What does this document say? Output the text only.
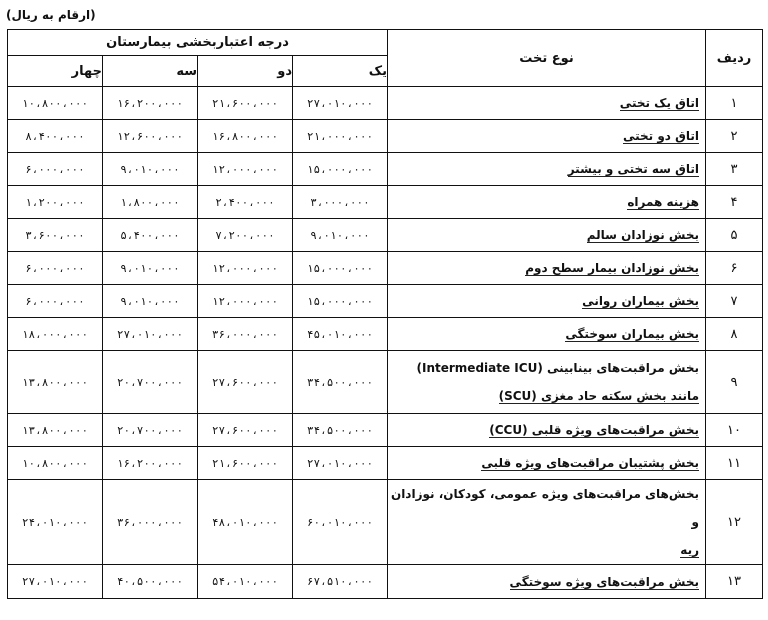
(ارقام به ریال)
ردیف	نوع تخت	درجه اعتباربخشی بیمارستان			
		یک	دو	سه	چهار
۱	اتاق یک تختی	۲۷،۰۱۰،۰۰۰	۲۱،۶۰۰،۰۰۰	۱۶،۲۰۰،۰۰۰	۱۰،۸۰۰،۰۰۰
۲	اتاق دو تختی	۲۱،۰۰۰،۰۰۰	۱۶،۸۰۰،۰۰۰	۱۲،۶۰۰،۰۰۰	۸،۴۰۰،۰۰۰
۳	اتاق سه تختی و بیشتر	۱۵،۰۰۰،۰۰۰	۱۲،۰۰۰،۰۰۰	۹،۰۱۰،۰۰۰	۶،۰۰۰،۰۰۰
۴	هزینه همراه	۳،۰۰۰،۰۰۰	۲،۴۰۰،۰۰۰	۱،۸۰۰،۰۰۰	۱،۲۰۰،۰۰۰
۵	بخش نوزادان سالم	۹،۰۱۰،۰۰۰	۷،۲۰۰،۰۰۰	۵،۴۰۰،۰۰۰	۳،۶۰۰،۰۰۰
۶	بخش نوزادان بیمار سطح دوم	۱۵،۰۰۰،۰۰۰	۱۲،۰۰۰،۰۰۰	۹،۰۱۰،۰۰۰	۶،۰۰۰،۰۰۰
۷	بخش بیماران روانی	۱۵،۰۰۰،۰۰۰	۱۲،۰۰۰،۰۰۰	۹،۰۱۰،۰۰۰	۶،۰۰۰،۰۰۰
۸	بخش بیماران سوختگی	۴۵،۰۱۰،۰۰۰	۳۶،۰۰۰،۰۰۰	۲۷،۰۱۰،۰۰۰	۱۸،۰۰۰،۰۰۰
۹	بخش مراقبت‌های بینابینی (Intermediate ICU)
مانند بخش سکته حاد مغزی (SCU)	۳۴،۵۰۰،۰۰۰	۲۷،۶۰۰،۰۰۰	۲۰،۷۰۰،۰۰۰	۱۳،۸۰۰،۰۰۰
۱۰	بخش مراقبت‌های ویژه قلبی (CCU)	۳۴،۵۰۰،۰۰۰	۲۷،۶۰۰،۰۰۰	۲۰،۷۰۰،۰۰۰	۱۳،۸۰۰،۰۰۰
۱۱	بخش پشتیبان مراقبت‌های ویژه قلبی	۲۷،۰۱۰،۰۰۰	۲۱،۶۰۰،۰۰۰	۱۶،۲۰۰،۰۰۰	۱۰،۸۰۰،۰۰۰
۱۲	بخش‌های مراقبت‌های ویژه عمومی، کودکان، نوزادان و
ریه	۶۰،۰۱۰،۰۰۰	۴۸،۰۱۰،۰۰۰	۳۶،۰۰۰،۰۰۰	۲۴،۰۱۰،۰۰۰
۱۳	بخش مراقبت‌های ویژه سوختگی	۶۷،۵۱۰،۰۰۰	۵۴،۰۱۰،۰۰۰	۴۰،۵۰۰،۰۰۰	۲۷،۰۱۰،۰۰۰
